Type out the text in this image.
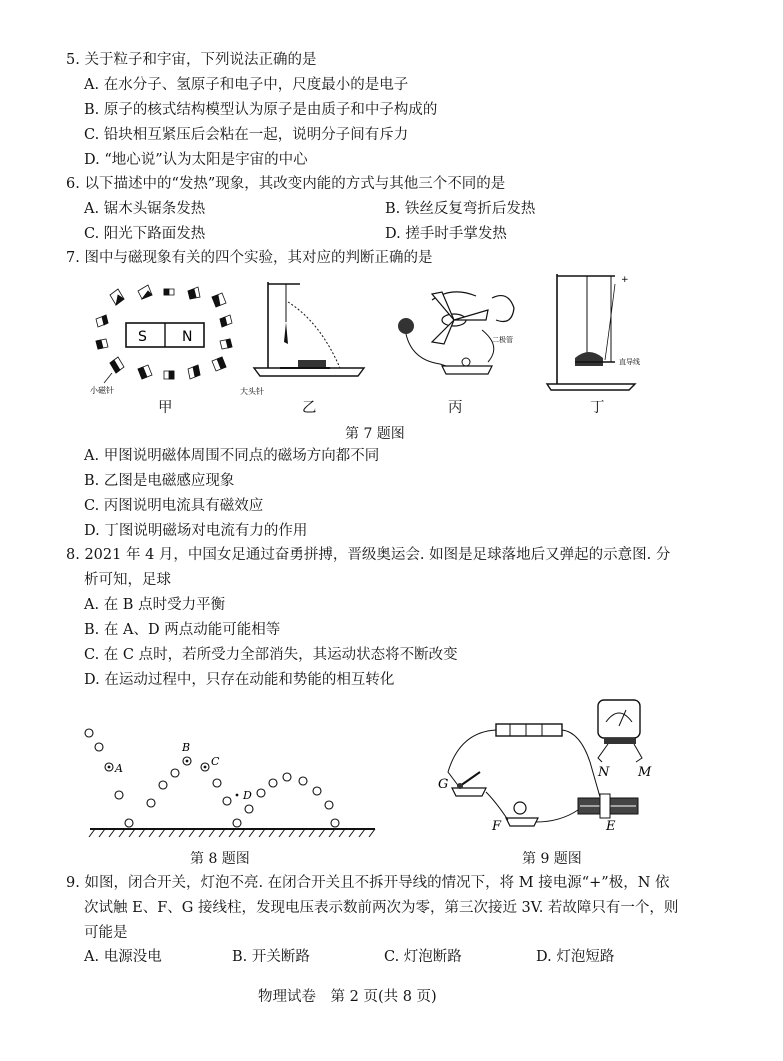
5. 关于粒子和宇宙，下列说法正确的是
A. 在水分子、氢原子和电子中，尺度最小的是电子
B. 原子的核式结构模型认为原子是由质子和中子构成的
C. 铅块相互紧压后会粘在一起，说明分子间有斥力
D. “地心说”认为太阳是宇宙的中心
6. 以下描述中的“发热”现象，其改变内能的方式与其他三个不同的是
A. 锯木头锯条发热	B. 铁丝反复弯折后发热
C. 阳光下路面发热	D. 搓手时手掌发热
7. 图中与磁现象有关的四个实验，其对应的判断正确的是
S	N
小磁针	大头针
二极管
+
直导线
甲	乙	丙	丁
第 7 题图
A. 甲图说明磁体周围不同点的磁场方向都不同
B. 乙图是电磁感应现象
C. 丙图说明电流具有磁效应
D. 丁图说明磁场对电流有力的作用
8. 2021 年 4 月，中国女足通过奋勇拼搏，晋级奥运会. 如图是足球落地后又弹起的示意图. 分
析可知，足球
A. 在 B 点时受力平衡
B. 在 A、D 两点动能可能相等
C. 在 C 点时，若所受力全部消失，其运动状态将不断改变
D. 在运动过程中，只存在动能和势能的相互转化
A
B
C
D
第 8 题图
G
F	E
N M
第 9 题图
9. 如图，闭合开关，灯泡不亮. 在闭合开关且不拆开导线的情况下，将 M 接电源“+”极，N 依
次试触 E、F、G 接线柱，发现电压表示数前两次为零，第三次接近 3V. 若故障只有一个，则
可能是
A. 电源没电	B. 开关断路	C. 灯泡断路	D. 灯泡短路
物理试卷　第 2 页(共 8 页)
